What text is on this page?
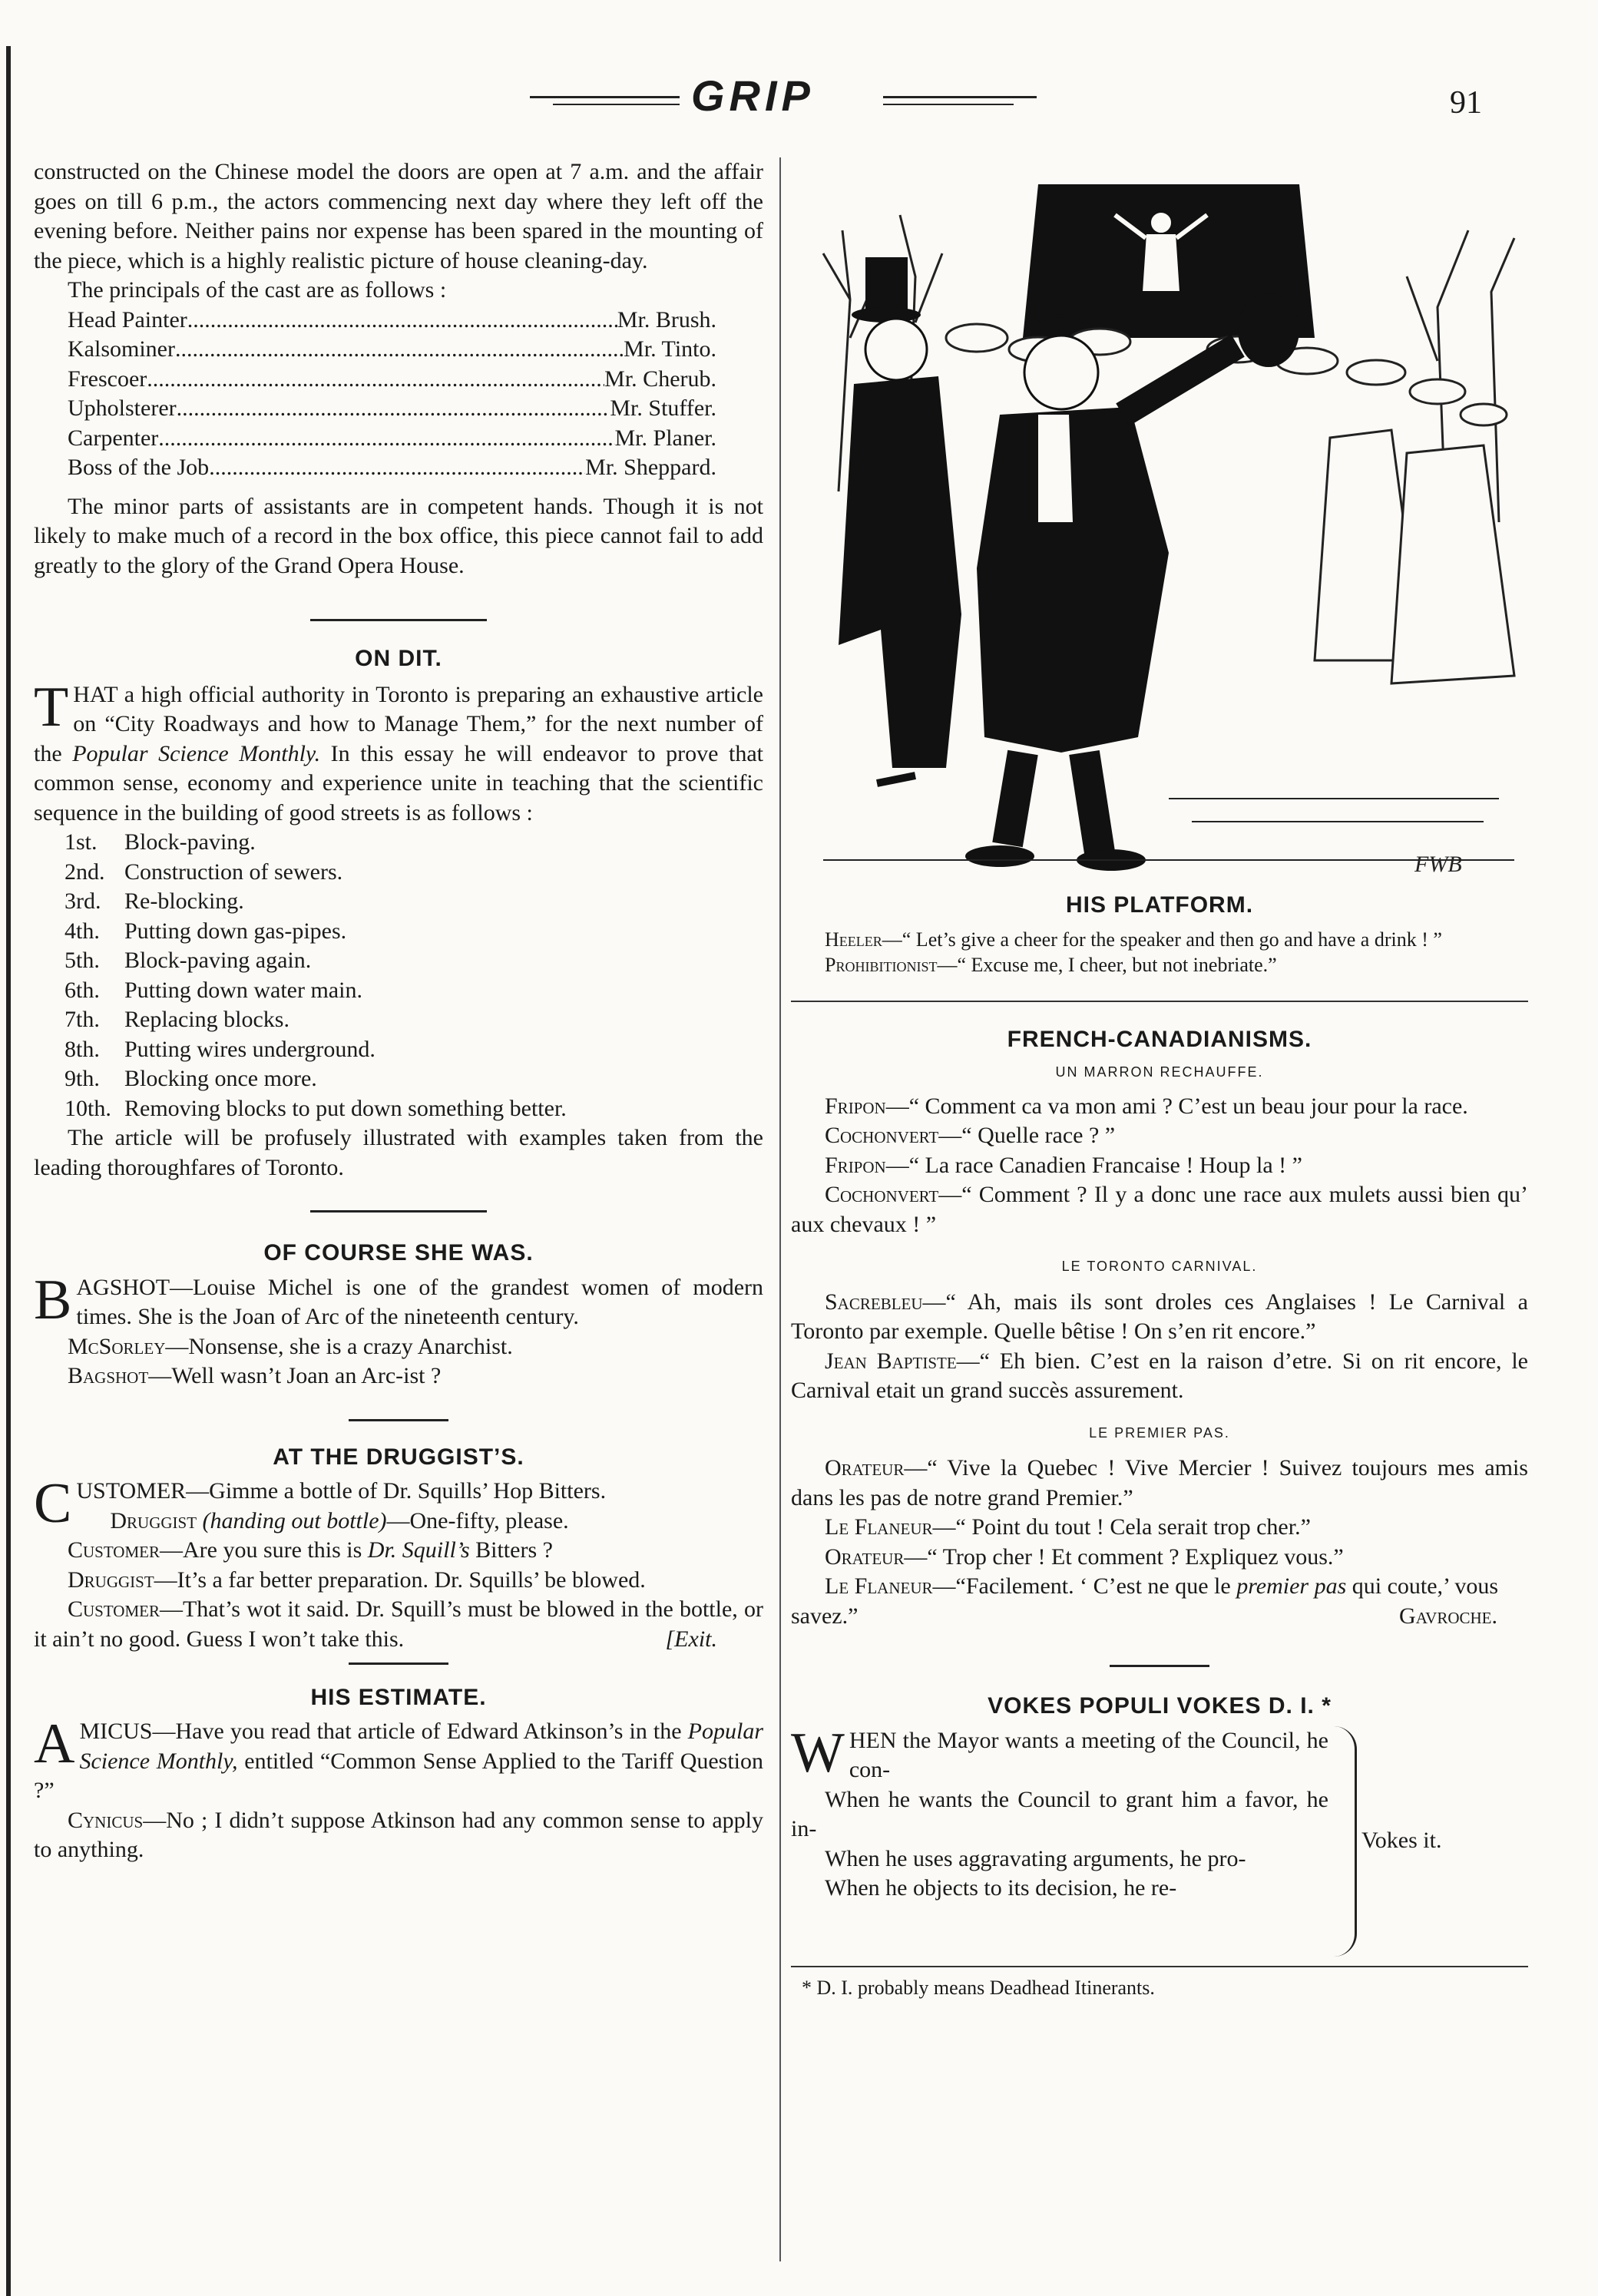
GRIP	91

constructed on the Chinese model the doors are open at 7 a.m. and the affair goes on till 6 p.m., the actors commencing next day where they left off the evening before. Neither pains nor expense has been spared in the mounting of the piece, which is a highly realistic picture of house cleaning-day.

The principals of the cast are as follows :

Head Painter .....	Mr. Brush.
Kalsominer .....	Mr. Tinto.
Frescoer .....	Mr. Cherub.
Upholsterer .....	Mr. Stuffer.
Carpenter .....	Mr. Planer.
Boss of the Job .....	Mr. Sheppard.

The minor parts of assistants are in competent hands. Though it is not likely to make much of a record in the box office, this piece cannot fail to add greatly to the glory of the Grand Opera House.

ON DIT.

THAT a high official authority in Toronto is preparing an exhaustive article on “City Roadways and how to Manage Them,” for the next number of the Popular Science Monthly. In this essay he will endeavor to prove that common sense, economy and experience unite in teaching that the scientific sequence in the building of good streets is as follows :

1st. Block-paving.
2nd. Construction of sewers.
3rd. Re-blocking.
4th. Putting down gas-pipes.
5th. Block-paving again.
6th. Putting down water main.
7th. Replacing blocks.
8th. Putting wires underground.
9th. Blocking once more.
10th. Removing blocks to put down something better.

The article will be profusely illustrated with examples taken from the leading thoroughfares of Toronto.

OF COURSE SHE WAS.

BAGSHOT—Louise Michel is one of the grandest women of modern times. She is the Joan of Arc of the nineteenth century.

McSorley—Nonsense, she is a crazy Anarchist.

Bagshot—Well wasn’t Joan an Arc-ist ?

AT THE DRUGGIST’S.

CUSTOMER—Gimme a bottle of Dr. Squills’ Hop Bitters.

Druggist (handing out bottle)—One-fifty, please.

Customer—Are you sure this is Dr. Squill’s Bitters ?

Druggist—It’s a far better preparation. Dr. Squills’ be blowed.

Customer—That’s wot it said. Dr. Squill’s must be blowed in the bottle, or it ain’t no good. Guess I won’t take this.	[Exit.

HIS ESTIMATE.

AMICUS—Have you read that article of Edward Atkinson’s in the Popular Science Monthly, entitled “Common Sense Applied to the Tariff Question ?”

Cynicus—No ; I didn’t suppose Atkinson had any common sense to apply to anything.

FWB

HIS PLATFORM.

Heeler—“ Let’s give a cheer for the speaker and then go and have a drink ! ”

Prohibitionist—“ Excuse me, I cheer, but not inebriate.”

FRENCH-CANADIANISMS.

UN MARRON RECHAUFFE.

Fripon—“ Comment ca va mon ami ? C’est un beau jour pour la race.

Cochonvert—“ Quelle race ? ”

Fripon—“ La race Canadien Francaise ! Houp la ! ”

Cochonvert—“ Comment ? Il y a donc une race aux mulets aussi bien qu’ aux chevaux ! ”

LE TORONTO CARNIVAL.

Sacrebleu—“ Ah, mais ils sont droles ces Anglaises ! Le Carnival a Toronto par exemple. Quelle bêtise ! On s’en rit encore.”

Jean Baptiste—“ Eh bien. C’est en la raison d’etre. Si on rit encore, le Carnival etait un grand succès assurement.

LE PREMIER PAS.

Orateur—“ Vive la Quebec ! Vive Mercier ! Suivez toujours mes amis dans les pas de notre grand Premier.”

Le Flaneur—“ Point du tout ! Cela serait trop cher.”

Orateur—“ Trop cher ! Et comment ? Expliquez vous.”

Le Flaneur—“Facilement. ‘ C’est ne que le premier pas qui coute,’ vous savez.”	Gavroche.

VOKES POPULI VOKES D. I. *

WHEN the Mayor wants a meeting of the Council, he con-

When he wants the Council to grant him a favor, he in-

When he uses aggravating arguments, he pro-

When he objects to its decision, he re-

Vokes it.

* D. I. probably means Deadhead Itinerants.
